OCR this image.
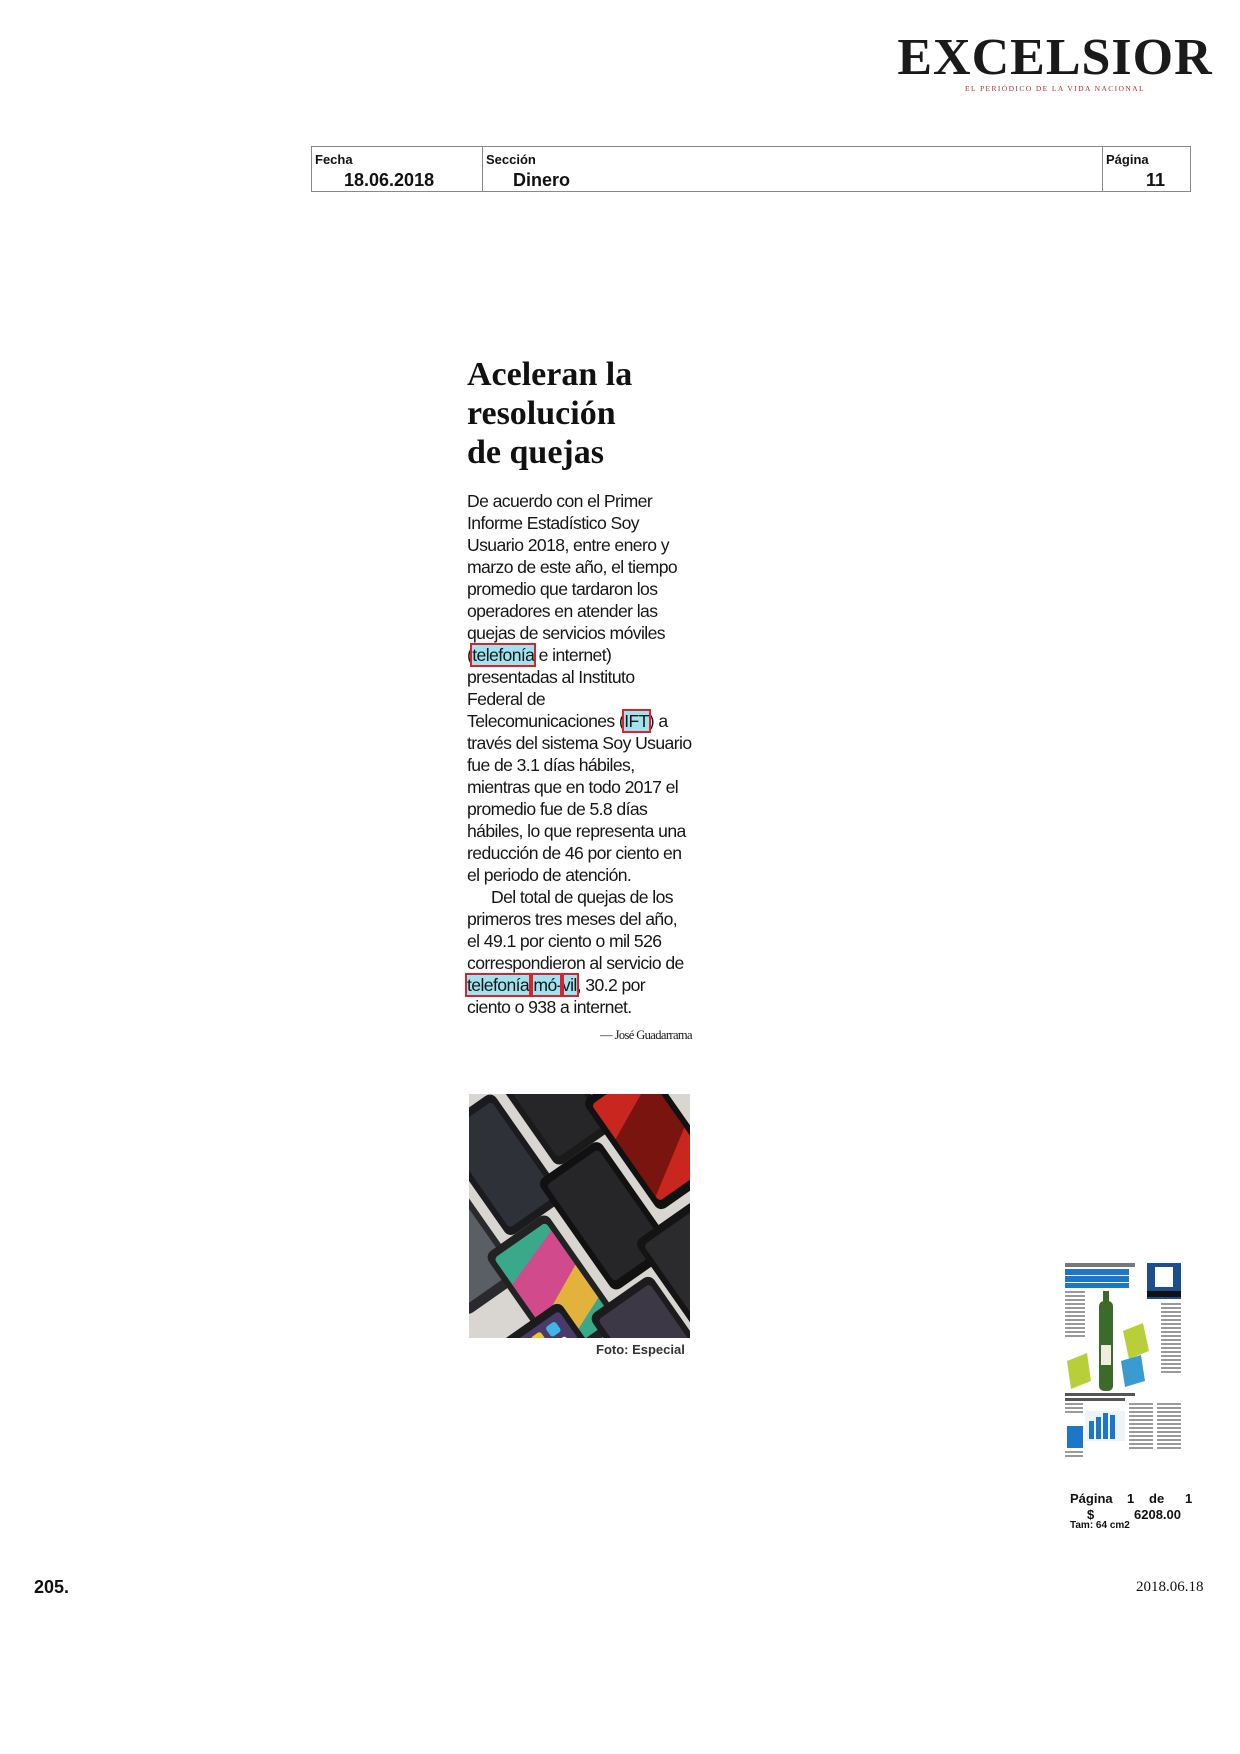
EXCELSIOR
EL PERIÓDICO DE LA VIDA NACIONAL
Fecha
18.06.2018
Sección
Dinero
Página
11
Aceleran la
resolución
de quejas

De acuerdo con el Primer Informe Estadístico Soy Usuario 2018, entre enero y marzo de este año, el tiempo promedio que tardaron los operadores en atender las quejas de servicios móviles (telefonía e internet) presentadas al Instituto Federal de Telecomunicaciones (IFT) a través del sistema Soy Usuario fue de 3.1 días hábiles, mientras que en todo 2017 el promedio fue de 5.8 días hábiles, lo que representa una reducción de 46 por ciento en el periodo de atención.

Del total de quejas de los primeros tres meses del año, el 49.1 por ciento o mil 526 correspondieron al servicio de telefonía mó-vil, 30.2 por ciento o 938 a internet.

— José Guadarrama
Foto: Especial
Página 1 de 1
$	6208.00
Tam: 64 cm2
205.	2018.06.18
